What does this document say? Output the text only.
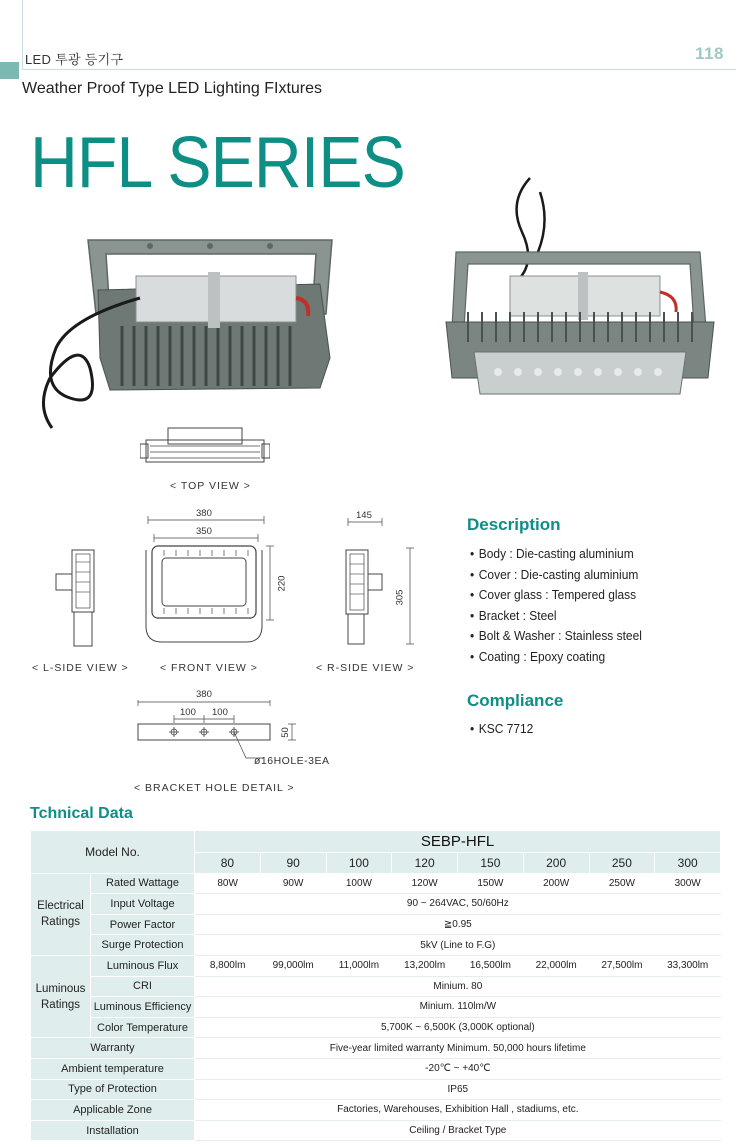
LED 투광 등기구	118
Weather Proof Type LED Lighting FIxtures
HFL SERIES
< TOP VIEW >
< L-SIDE VIEW >
380
350
220
< FRONT VIEW >
145
305
< R-SIDE VIEW >
380
100 100
50
ø16HOLE-3EA
< BRACKET HOLE DETAIL >
Description
• Body : Die-casting aluminium
• Cover : Die-casting aluminium
• Cover glass : Tempered glass
• Bracket : Steel
• Bolt & Washer : Stainless steel
• Coating : Epoxy coating
Compliance
• KSC 7712
Tchnical Data
Model No.		SEBP-HFL							
		80	90	100	120	150	200	250	300
Electrical Ratings	Rated Wattage	80W	90W	100W	120W	150W	200W	250W	300W
	Input Voltage	90 ~ 264VAC, 50/60Hz							
	Power Factor	≧0.95							
	Surge Protection	5kV (Line to F.G)							
Luminous Ratings	Luminous Flux	8,800lm	99,000lm	11,000lm	13,200lm	16,500lm	22,000lm	27,500lm	33,300lm
	CRI	Minium. 80							
	Luminous Efficiency	Minium. 110lm/W							
	Color Temperature	5,700K ~ 6,500K (3,000K optional)							
Warranty		Five-year limited warranty Minimum. 50,000 hours lifetime							
Ambient temperature		-20℃ ~ +40℃							
Type of Protection		IP65							
Applicable Zone		Factories, Warehouses, Exhibition Hall , stadiums, etc.							
Installation		Ceiling / Bracket Type							
